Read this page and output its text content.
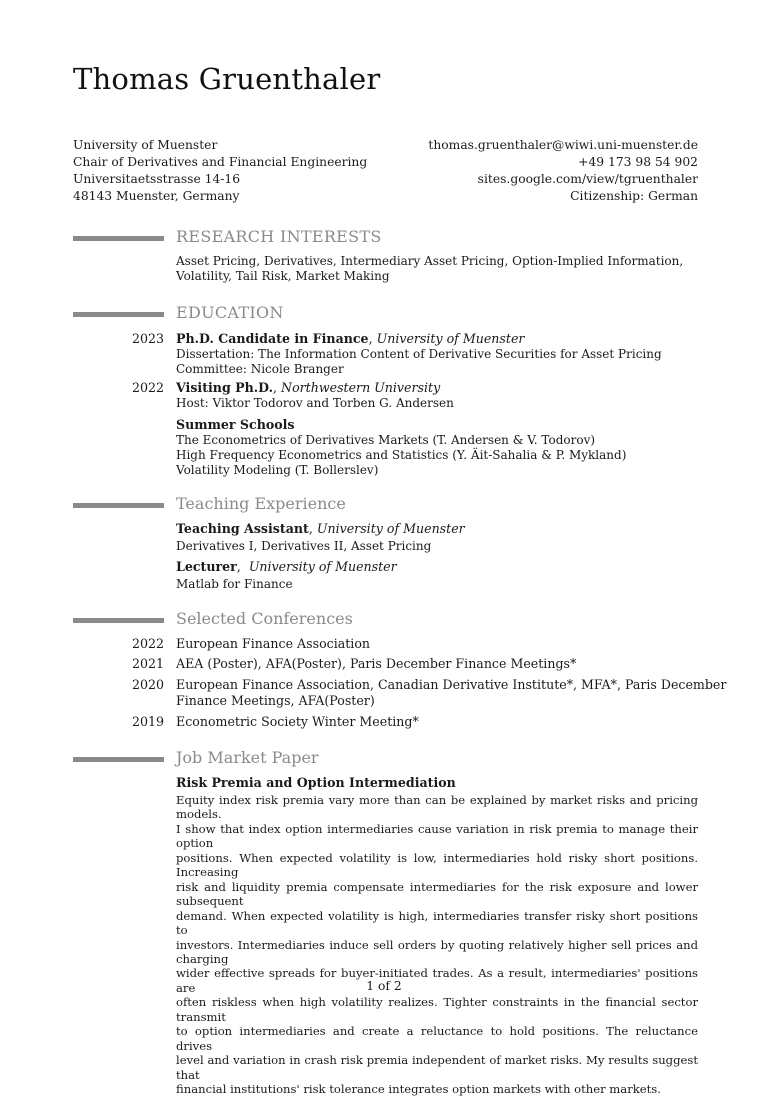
Thomas Gruenthaler
University of Muenster
Chair of Derivatives and Financial Engineering
Universitaetsstrasse 14-16
48143 Muenster, Germany
thomas.gruenthaler@wiwi.uni-muenster.de
+49 173 98 54 902
sites.google.com/view/tgruenthaler
Citizenship: German
RESEARCH INTERESTS
Asset Pricing, Derivatives, Intermediary Asset Pricing, Option-Implied Information,
Volatility, Tail Risk, Market Making
EDUCATION
2023 Ph.D. Candidate in Finance, University of Muenster
Dissertation: The Information Content of Derivative Securities for Asset Pricing
Committee: Nicole Branger
2022 Visiting Ph.D., Northwestern University
Host: Viktor Todorov and Torben G. Andersen
Summer Schools
The Econometrics of Derivatives Markets (T. Andersen & V. Todorov)
High Frequency Econometrics and Statistics (Y. Äit-Sahalia & P. Mykland)
Volatility Modeling (T. Bollerslev)
Teaching Experience
Teaching Assistant, University of Muenster
Derivatives I, Derivatives II, Asset Pricing
Lecturer,  University of Muenster
Matlab for Finance
Selected Conferences
2022 European Finance Association
2021 AEA (Poster), AFA(Poster), Paris December Finance Meetings*
2020 European Finance Association, Canadian Derivative Institute*, MFA*, Paris December
Finance Meetings, AFA(Poster)
2019 Econometric Society Winter Meeting*
Job Market Paper
Risk Premia and Option Intermediation
Equity index risk premia vary more than can be explained by market risks and pricing models.
I show that index option intermediaries cause variation in risk premia to manage their option
positions. When expected volatility is low, intermediaries hold risky short positions. Increasing
risk and liquidity premia compensate intermediaries for the risk exposure and lower subsequent
demand. When expected volatility is high, intermediaries transfer risky short positions to
investors. Intermediaries induce sell orders by quoting relatively higher sell prices and charging
wider effective spreads for buyer-initiated trades. As a result, intermediaries' positions are
often riskless when high volatility realizes. Tighter constraints in the financial sector transmit
to option intermediaries and create a reluctance to hold positions. The reluctance drives
level and variation in crash risk premia independent of market risks. My results suggest that
financial institutions' risk tolerance integrates option markets with other markets.
1 of 2
